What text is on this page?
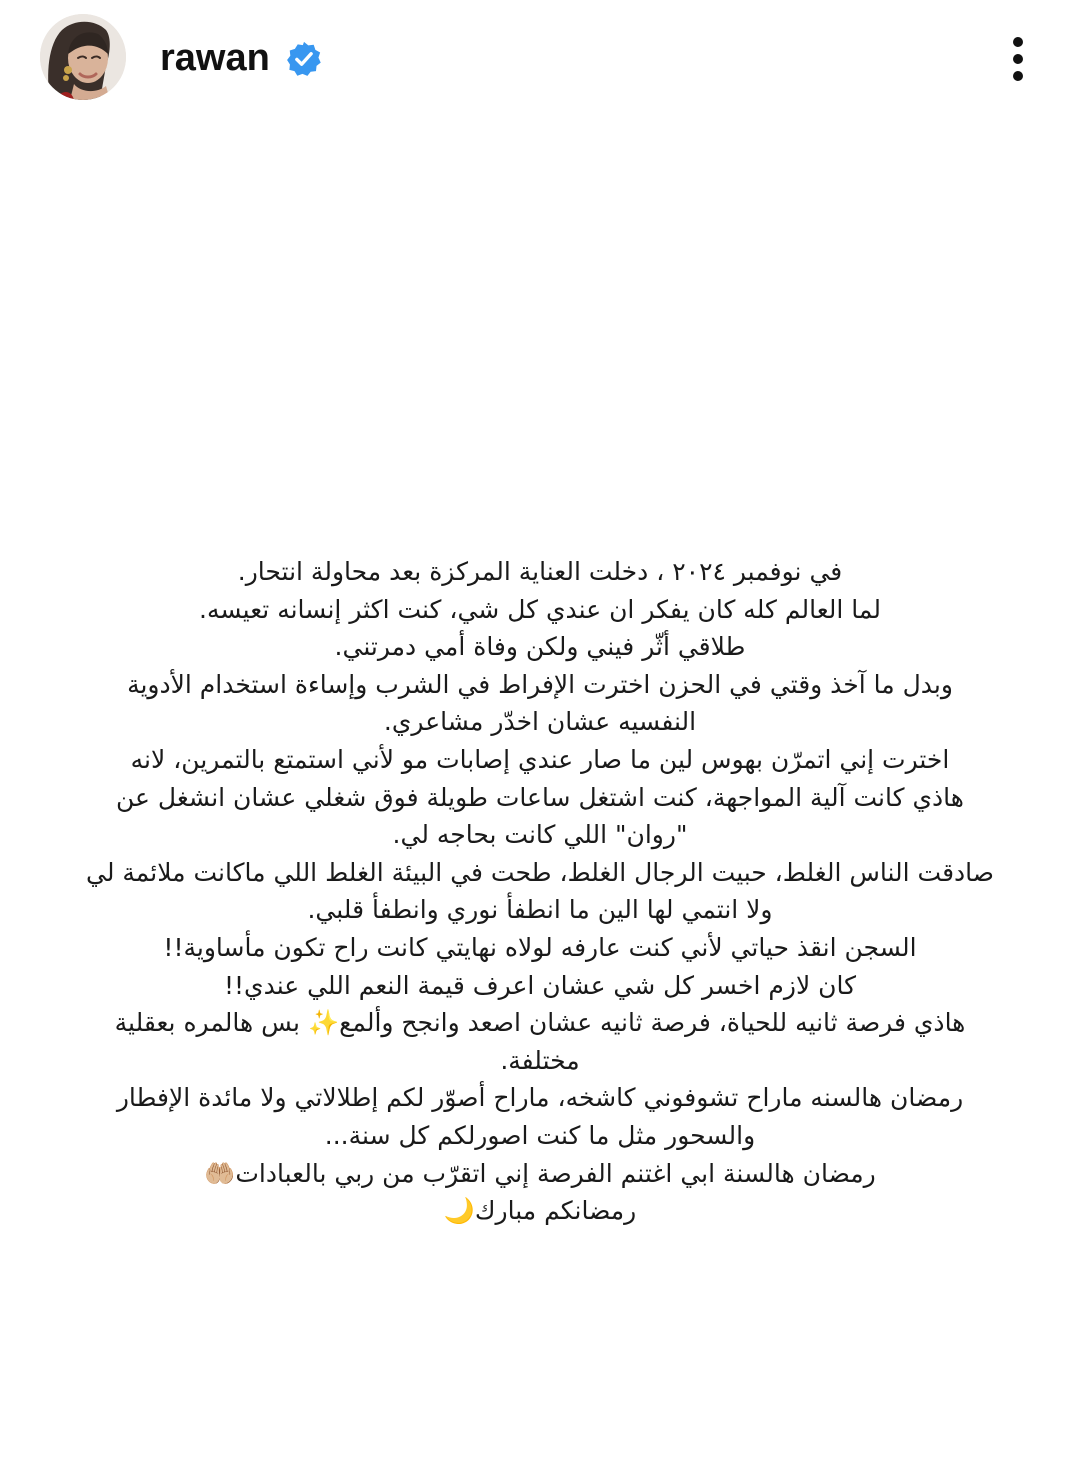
rawan
في نوفمبر ٢٠٢٤ ، دخلت العناية المركزة بعد محاولة انتحار.
لما العالم كله كان يفكر ان عندي كل شي، كنت اكثر إنسانه تعيسه.
طلاقي أثّر فيني ولكن وفاة أمي دمرتني.
وبدل ما آخذ وقتي في الحزن اخترت الإفراط في الشرب وإساءة استخدام الأدوية
النفسيه عشان اخدّر مشاعري.
اخترت إني اتمرّن بهوس لين ما صار عندي إصابات مو لأني استمتع بالتمرين، لانه
هاذي كانت آلية المواجهة، كنت اشتغل ساعات طويلة فوق شغلي عشان انشغل عن
"روان" اللي كانت بحاجه لي.
صادقت الناس الغلط، حبيت الرجال الغلط، طحت في البيئة الغلط اللي ماكانت ملائمة لي
ولا انتمي لها الين ما انطفأ نوري وانطفأ قلبي.
السجن انقذ حياتي لأني كنت عارفه لولاه نهايتي كانت راح تكون مأساوية!!
كان لازم اخسر كل شي عشان اعرف قيمة النعم اللي عندي!!
هاذي فرصة ثانيه للحياة، فرصة ثانيه عشان اصعد وانجح وألمع✨ بس هالمره بعقلية
مختلفة.
رمضان هالسنه ماراح تشوفوني كاشخه، ماراح أصوّر لكم إطلالاتي ولا مائدة الإفطار
والسحور مثل ما كنت اصورلكم كل سنة...
رمضان هالسنة ابي اغتنم الفرصة إني اتقرّب من ربي بالعبادات🤲🏼
رمضانكم مبارك🌙
